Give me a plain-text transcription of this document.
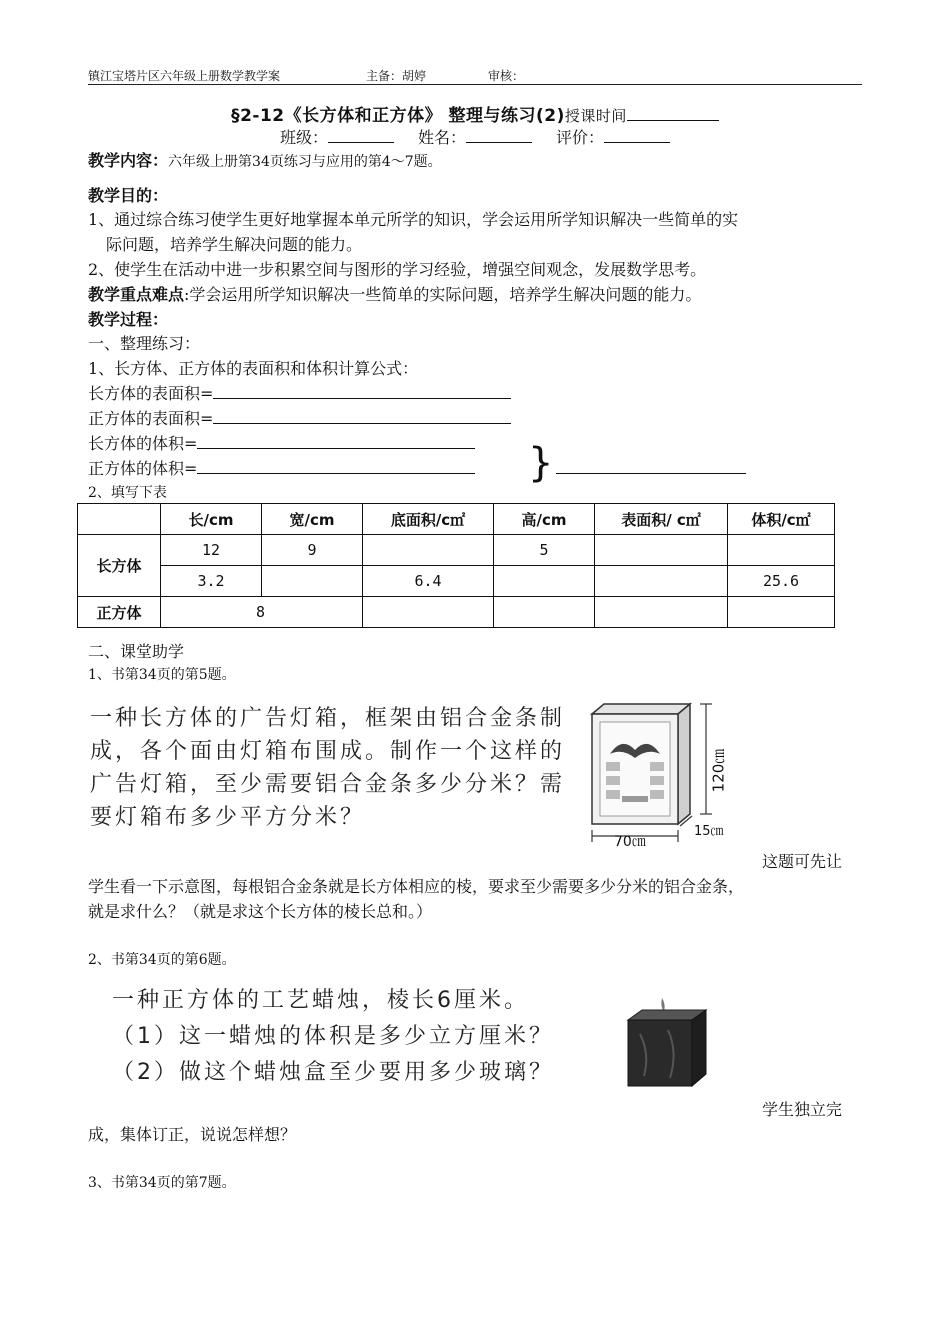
镇江宝塔片区六年级上册数学教学案	主备：胡婷	审核：
§2-12《长方体和正方体》 整理与练习(2)授课时间
班级：	姓名：	评价：
教学内容：六年级上册第34页练习与应用的第4～7题。
教学目的：
1、通过综合练习使学生更好地掌握本单元所学的知识，学会运用所学知识解决一些简单的实
际问题，培养学生解决问题的能力。
2、使学生在活动中进一步积累空间与图形的学习经验，增强空间观念，发展数学思考。
教学重点难点:学会运用所学知识解决一些简单的实际问题，培养学生解决问题的能力。
教学过程：
一、整理练习：
1、长方体、正方体的表面积和体积计算公式：
长方体的表面积=
正方体的表面积=
长方体的体积=
正方体的体积=	}
2、填写下表
	长/cm	宽/cm	底面积/c㎡	高/cm	表面积/ c㎡	体积/c㎡
长方体	12	9		5		
	3.2		6.4			25.6
正方体	8					
二、课堂助学
1、书第34页的第5题。
一种长方体的广告灯箱，框架由铝合金条制
成，各个面由灯箱布围成。制作一个这样的
广告灯箱，至少需要铝合金条多少分米？需
要灯箱布多少平方分米？
120㎝
70㎝
15㎝
这题可先让
学生看一下示意图，每根铝合金条就是长方体相应的棱，要求至少需要多少分米的铝合金条，
就是求什么？（就是求这个长方体的棱长总和。）
2、书第34页的第6题。
一种正方体的工艺蜡烛，棱长6厘米。
（1）这一蜡烛的体积是多少立方厘米？
（2）做这个蜡烛盒至少要用多少玻璃？
学生独立完
成，集体订正，说说怎样想？
3、书第34页的第7题。
